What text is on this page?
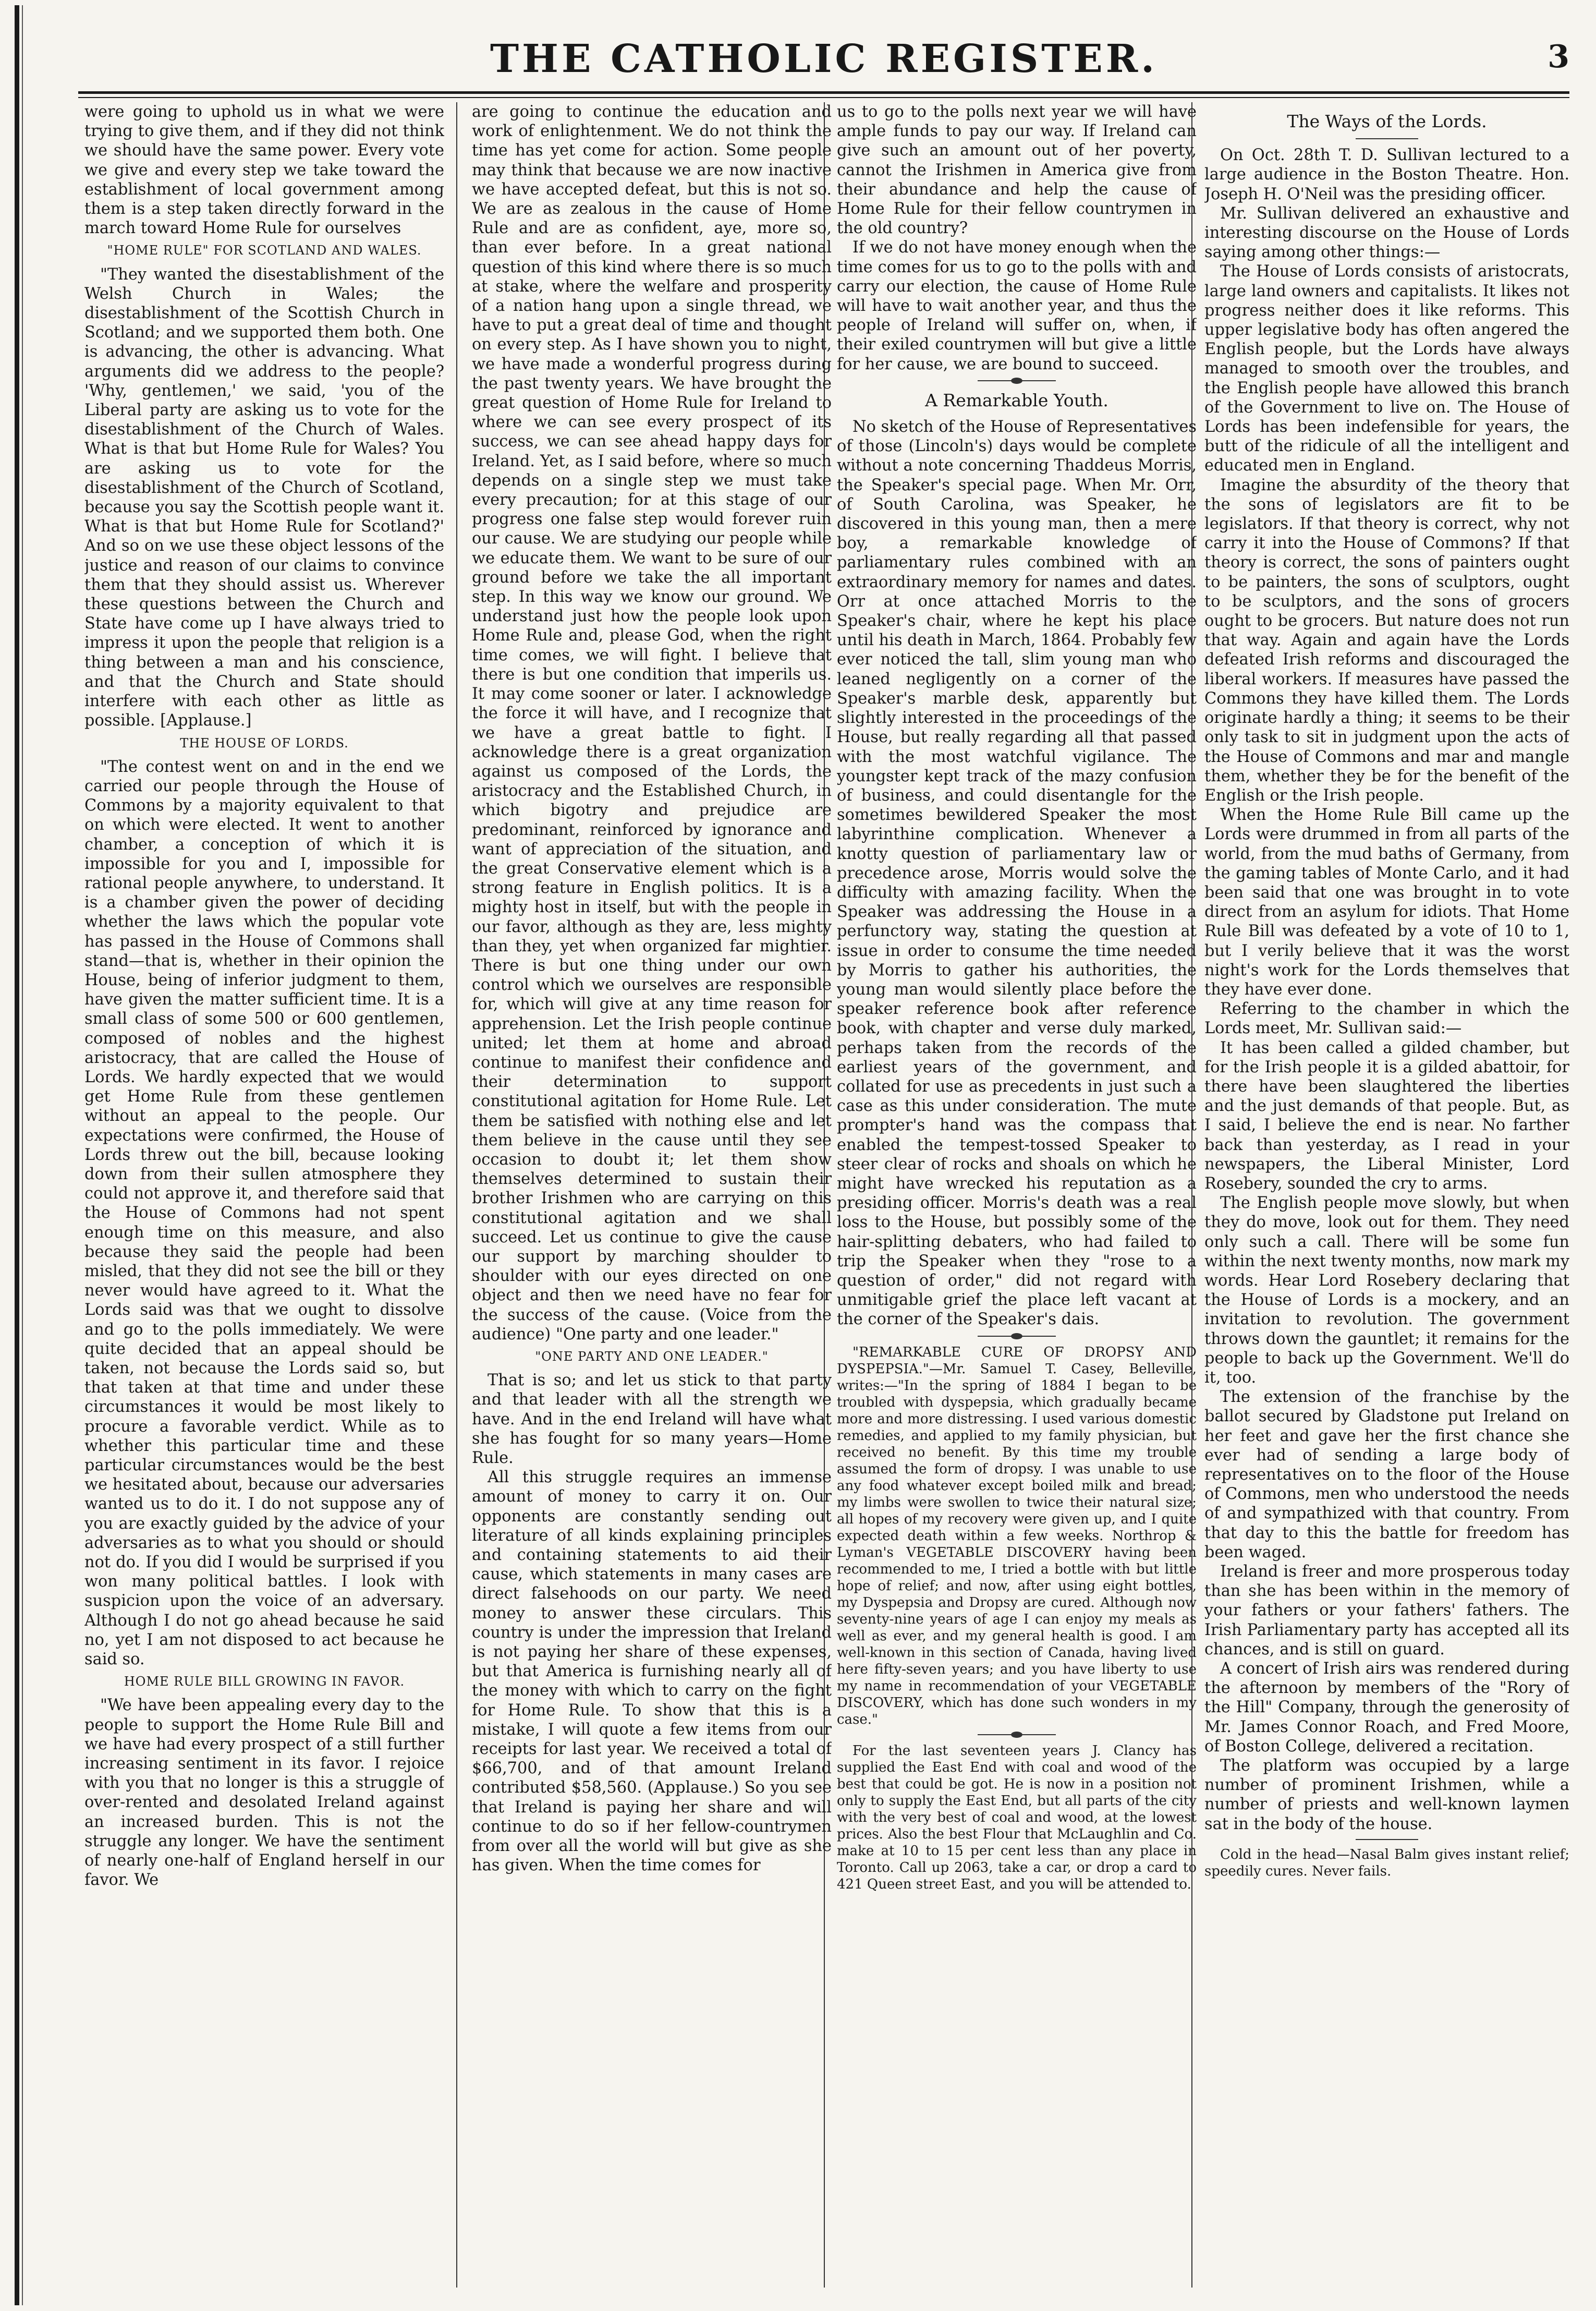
THE CATHOLIC REGISTER.	3

were going to uphold us in what we were trying to give them, and if they did not think we should have the same power. Every vote we give and every step we take toward the establishment of local government among them is a step taken directly forward in the march toward Home Rule for ourselves

"HOME RULE" FOR SCOTLAND AND WALES.

"They wanted the disestablishment of the Welsh Church in Wales; the disestablishment of the Scottish Church in Scotland; and we supported them both. One is advancing, the other is advancing. What arguments did we address to the people? 'Why, gentlemen,' we said, 'you of the Liberal party are asking us to vote for the disestablishment of the Church of Wales. What is that but Home Rule for Wales? You are asking us to vote for the disestablishment of the Church of Scotland, because you say the Scottish people want it. What is that but Home Rule for Scotland?' And so on we use these object lessons of the justice and reason of our claims to convince them that they should assist us. Wherever these questions between the Church and State have come up I have always tried to impress it upon the people that religion is a thing between a man and his conscience, and that the Church and State should interfere with each other as little as possible. [Applause.]

THE HOUSE OF LORDS.

"The contest went on and in the end we carried our people through the House of Commons by a majority equivalent to that on which were elected. It went to another chamber, a conception of which it is impossible for you and I, impossible for rational people anywhere, to understand. It is a chamber given the power of deciding whether the laws which the popular vote has passed in the House of Commons shall stand—that is, whether in their opinion the House, being of inferior judgment to them, have given the matter sufficient time. It is a small class of some 500 or 600 gentlemen, composed of nobles and the highest aristocracy, that are called the House of Lords. We hardly expected that we would get Home Rule from these gentlemen without an appeal to the people. Our expectations were confirmed, the House of Lords threw out the bill, because looking down from their sullen atmosphere they could not approve it, and therefore said that the House of Commons had not spent enough time on this measure, and also because they said the people had been misled, that they did not see the bill or they never would have agreed to it. What the Lords said was that we ought to dissolve and go to the polls immediately. We were quite decided that an appeal should be taken, not because the Lords said so, but that taken at that time and under these circumstances it would be most likely to procure a favorable verdict. While as to whether this particular time and these particular circumstances would be the best we hesitated about, because our adversaries wanted us to do it. I do not suppose any of you are exactly guided by the advice of your adversaries as to what you should or should not do. If you did I would be surprised if you won many political battles. I look with suspicion upon the voice of an adversary. Although I do not go ahead because he said no, yet I am not disposed to act because he said so.

HOME RULE BILL GROWING IN FAVOR.

"We have been appealing every day to the people to support the Home Rule Bill and we have had every prospect of a still further increasing sentiment in its favor. I rejoice with you that no longer is this a struggle of over-rented and desolated Ireland against an increased burden. This is not the struggle any longer. We have the sentiment of nearly one-half of England herself in our favor. We

are going to continue the education and work of enlightenment. We do not think the time has yet come for action. Some people may think that because we are now inactive we have accepted defeat, but this is not so. We are as zealous in the cause of Home Rule and are as confident, aye, more so, than ever before. In a great national question of this kind where there is so much at stake, where the welfare and prosperity of a nation hang upon a single thread, we have to put a great deal of time and thought on every step. As I have shown you to night, we have made a wonderful progress during the past twenty years. We have brought the great question of Home Rule for Ireland to where we can see every prospect of its success, we can see ahead happy days for Ireland. Yet, as I said before, where so much depends on a single step we must take every precaution; for at this stage of our progress one false step would forever ruin our cause. We are studying our people while we educate them. We want to be sure of our ground before we take the all important step. In this way we know our ground. We understand just how the people look upon Home Rule and, please God, when the right time comes, we will fight. I believe that there is but one condition that imperils us. It may come sooner or later. I acknowledge the force it will have, and I recognize that we have a great battle to fight. I acknowledge there is a great organization against us composed of the Lords, the aristocracy and the Established Church, in which bigotry and prejudice are predominant, reinforced by ignorance and want of appreciation of the situation, and the great Conservative element which is a strong feature in English politics. It is a mighty host in itself, but with the people in our favor, although as they are, less mighty than they, yet when organized far mightier. There is but one thing under our own control which we ourselves are responsible for, which will give at any time reason for apprehension. Let the Irish people continue united; let them at home and abroad continue to manifest their confidence and their determination to support constitutional agitation for Home Rule. Let them be satisfied with nothing else and let them believe in the cause until they see occasion to doubt it; let them show themselves determined to sustain their brother Irishmen who are carrying on this constitutional agitation and we shall succeed. Let us continue to give the cause our support by marching shoulder to shoulder with our eyes directed on one object and then we need have no fear for the success of the cause. (Voice from the audience) "One party and one leader."

"ONE PARTY AND ONE LEADER."

That is so; and let us stick to that party and that leader with all the strength we have. And in the end Ireland will have what she has fought for so many years—Home Rule.

All this struggle requires an immense amount of money to carry it on. Our opponents are constantly sending out literature of all kinds explaining principles and containing statements to aid their cause, which statements in many cases are direct falsehoods on our party. We need money to answer these circulars. This country is under the impression that Ireland is not paying her share of these expenses, but that America is furnishing nearly all of the money with which to carry on the fight for Home Rule. To show that this is a mistake, I will quote a few items from our receipts for last year. We received a total of $66,700, and of that amount Ireland contributed $58,560. (Applause.) So you see that Ireland is paying her share and will continue to do so if her fellow-countrymen from over all the world will but give as she has given. When the time comes for

us to go to the polls next year we will have ample funds to pay our way. If Ireland can give such an amount out of her poverty, cannot the Irishmen in America give from their abundance and help the cause of Home Rule for their fellow countrymen in the old country?

If we do not have money enough when the time comes for us to go to the polls with and carry our election, the cause of Home Rule will have to wait another year, and thus the people of Ireland will suffer on, when, if their exiled countrymen will but give a little for her cause, we are bound to succeed.

A Remarkable Youth.

No sketch of the House of Representatives of those (Lincoln's) days would be complete without a note concerning Thaddeus Morris, the Speaker's special page. When Mr. Orr, of South Carolina, was Speaker, he discovered in this young man, then a mere boy, a remarkable knowledge of parliamentary rules combined with an extraordinary memory for names and dates. Orr at once attached Morris to the Speaker's chair, where he kept his place until his death in March, 1864. Probably few ever noticed the tall, slim young man who leaned negligently on a corner of the Speaker's marble desk, apparently but slightly interested in the proceedings of the House, but really regarding all that passed with the most watchful vigilance. The youngster kept track of the mazy confusion of business, and could disentangle for the sometimes bewildered Speaker the most labyrinthine complication. Whenever a knotty question of parliamentary law or precedence arose, Morris would solve the difficulty with amazing facility. When the Speaker was addressing the House in a perfunctory way, stating the question at issue in order to consume the time needed by Morris to gather his authorities, the young man would silently place before the speaker reference book after reference book, with chapter and verse duly marked, perhaps taken from the records of the earliest years of the government, and collated for use as precedents in just such a case as this under consideration. The mute prompter's hand was the compass that enabled the tempest-tossed Speaker to steer clear of rocks and shoals on which he might have wrecked his reputation as a presiding officer. Morris's death was a real loss to the House, but possibly some of the hair-splitting debaters, who had failed to trip the Speaker when they "rose to a question of order," did not regard with unmitigable grief the place left vacant at the corner of the Speaker's dais.

"REMARKABLE CURE OF DROPSY AND DYSPEPSIA."—Mr. Samuel T. Casey, Belleville, writes:—"In the spring of 1884 I began to be troubled with dyspepsia, which gradually became more and more distressing. I used various domestic remedies, and applied to my family physician, but received no benefit. By this time my trouble assumed the form of dropsy. I was unable to use any food whatever except boiled milk and bread; my limbs were swollen to twice their natural size; all hopes of my recovery were given up, and I quite expected death within a few weeks. Northrop & Lyman's VEGETABLE DISCOVERY having been recommended to me, I tried a bottle with but little hope of relief; and now, after using eight bottles, my Dyspepsia and Dropsy are cured. Although now seventy-nine years of age I can enjoy my meals as well as ever, and my general health is good. I am well-known in this section of Canada, having lived here fifty-seven years; and you have liberty to use my name in recommendation of your VEGETABLE DISCOVERY, which has done such wonders in my case."

For the last seventeen years J. Clancy has supplied the East End with coal and wood of the best that could be got. He is now in a position not only to supply the East End, but all parts of the city with the very best of coal and wood, at the lowest prices. Also the best Flour that McLaughlin and Co. make at 10 to 15 per cent less than any place in Toronto. Call up 2063, take a car, or drop a card to 421 Queen street East, and you will be attended to.

The Ways of the Lords.

On Oct. 28th T. D. Sullivan lectured to a large audience in the Boston Theatre. Hon. Joseph H. O'Neil was the presiding officer.

Mr. Sullivan delivered an exhaustive and interesting discourse on the House of Lords saying among other things:—

The House of Lords consists of aristocrats, large land owners and capitalists. It likes not progress neither does it like reforms. This upper legislative body has often angered the English people, but the Lords have always managed to smooth over the troubles, and the English people have allowed this branch of the Government to live on. The House of Lords has been indefensible for years, the butt of the ridicule of all the intelligent and educated men in England.

Imagine the absurdity of the theory that the sons of legislators are fit to be legislators. If that theory is correct, why not carry it into the House of Commons? If that theory is correct, the sons of painters ought to be painters, the sons of sculptors, ought to be sculptors, and the sons of grocers ought to be grocers. But nature does not run that way. Again and again have the Lords defeated Irish reforms and discouraged the liberal workers. If measures have passed the Commons they have killed them. The Lords originate hardly a thing; it seems to be their only task to sit in judgment upon the acts of the House of Commons and mar and mangle them, whether they be for the benefit of the English or the Irish people.

When the Home Rule Bill came up the Lords were drummed in from all parts of the world, from the mud baths of Germany, from the gaming tables of Monte Carlo, and it had been said that one was brought in to vote direct from an asylum for idiots. That Home Rule Bill was defeated by a vote of 10 to 1, but I verily believe that it was the worst night's work for the Lords themselves that they have ever done.

Referring to the chamber in which the Lords meet, Mr. Sullivan said:—

It has been called a gilded chamber, but for the Irish people it is a gilded abattoir, for there have been slaughtered the liberties and the just demands of that people. But, as I said, I believe the end is near. No farther back than yesterday, as I read in your newspapers, the Liberal Minister, Lord Rosebery, sounded the cry to arms.

The English people move slowly, but when they do move, look out for them. They need only such a call. There will be some fun within the next twenty months, now mark my words. Hear Lord Rosebery declaring that the House of Lords is a mockery, and an invitation to revolution. The government throws down the gauntlet; it remains for the people to back up the Government. We'll do it, too.

The extension of the franchise by the ballot secured by Gladstone put Ireland on her feet and gave her the first chance she ever had of sending a large body of representatives on to the floor of the House of Commons, men who understood the needs of and sympathized with that country. From that day to this the battle for freedom has been waged.

Ireland is freer and more prosperous today than she has been within in the memory of your fathers or your fathers' fathers. The Irish Parliamentary party has accepted all its chances, and is still on guard.

A concert of Irish airs was rendered during the afternoon by members of the "Rory of the Hill" Company, through the generosity of Mr. James Connor Roach, and Fred Moore, of Boston College, delivered a recitation.

The platform was occupied by a large number of prominent Irishmen, while a number of priests and well-known laymen sat in the body of the house.

Cold in the head—Nasal Balm gives instant relief; speedily cures. Never fails.
